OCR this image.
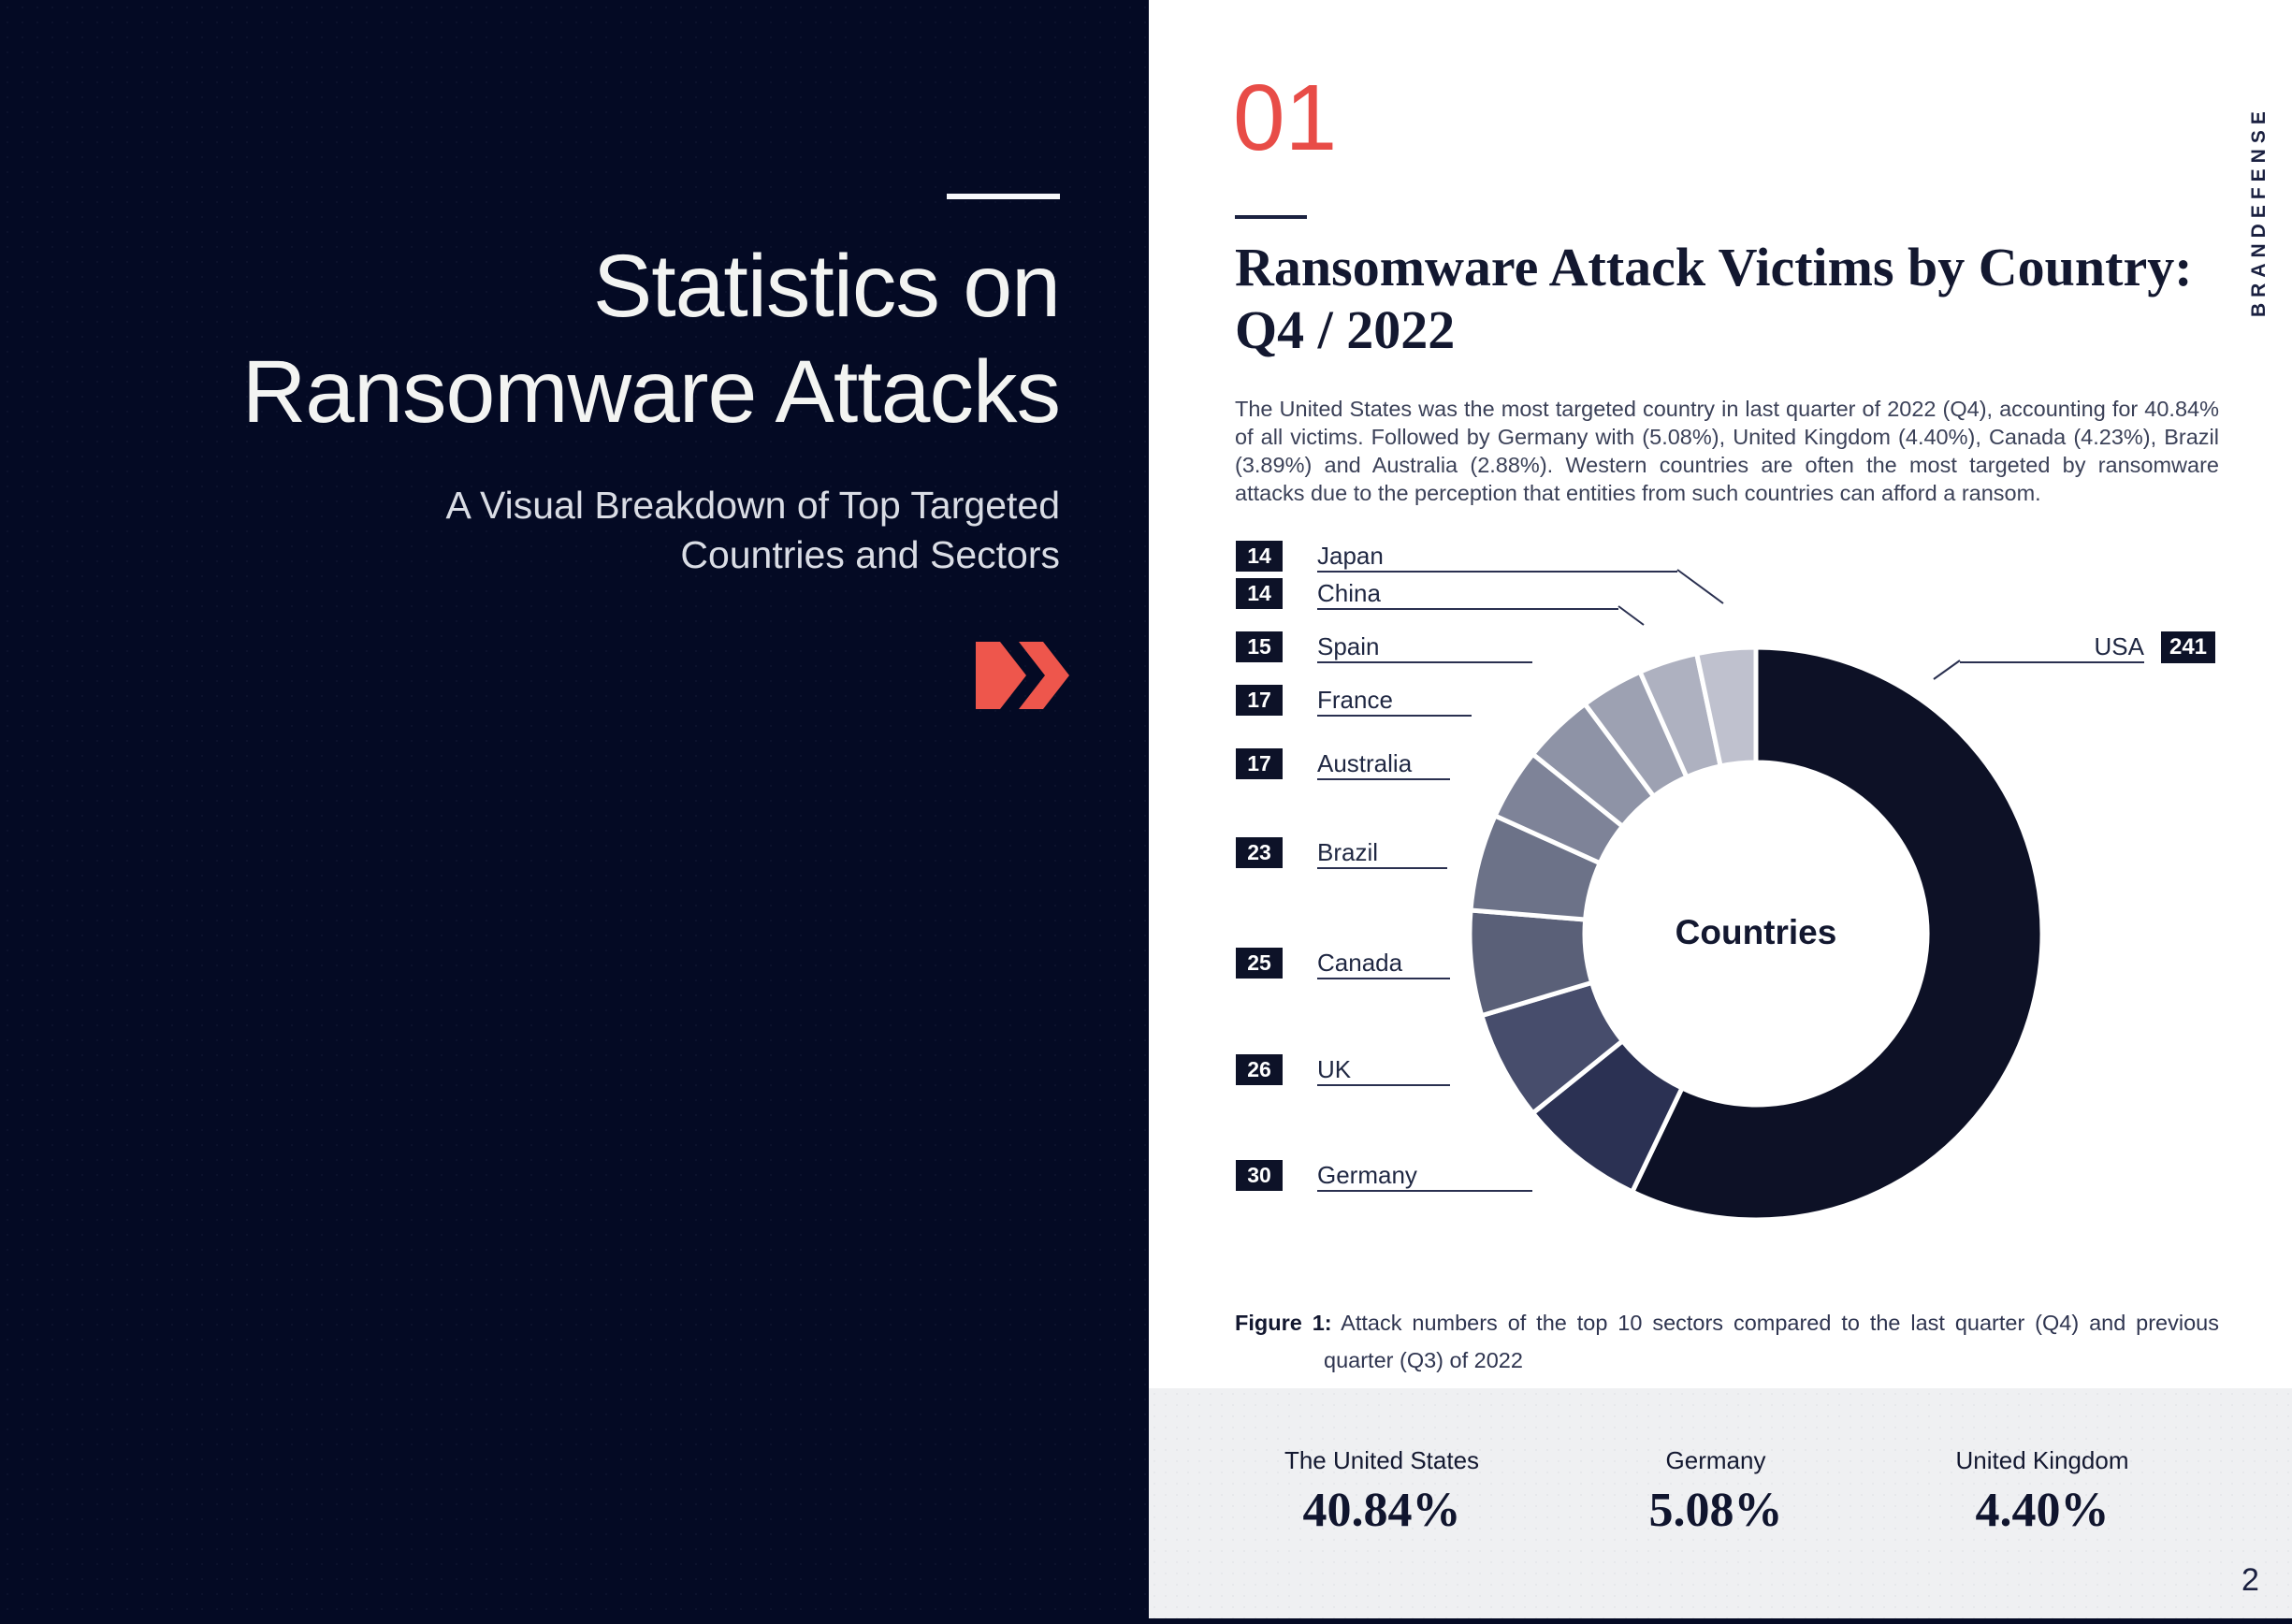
Statistics on
Ransomware Attacks
A Visual Breakdown of Top Targeted
Countries and Sectors
BRANDEFENSE
01
Ransomware Attack Victims by Country:
Q4 / 2022

The United States was the most targeted country in last quarter of 2022 (Q4), accounting for 40.84% of all victims. Followed by Germany with (5.08%), United Kingdom (4.40%), Canada (4.23%), Brazil (3.89%) and Australia (2.88%). Western countries are often the most targeted by ransomware attacks due to the perception that entities from such countries can afford a ransom.

Countries
14	Japan
14	China
15	Spain
17	France
17	Australia
23	Brazil
25	Canada
26	UK
30	Germany
USA	241

Figure 1: Attack numbers of the top 10 sectors compared to the last quarter (Q4) and previous quarter (Q3) of 2022

The United States
40.84%
Germany
5.08%
United Kingdom
4.40%
2
